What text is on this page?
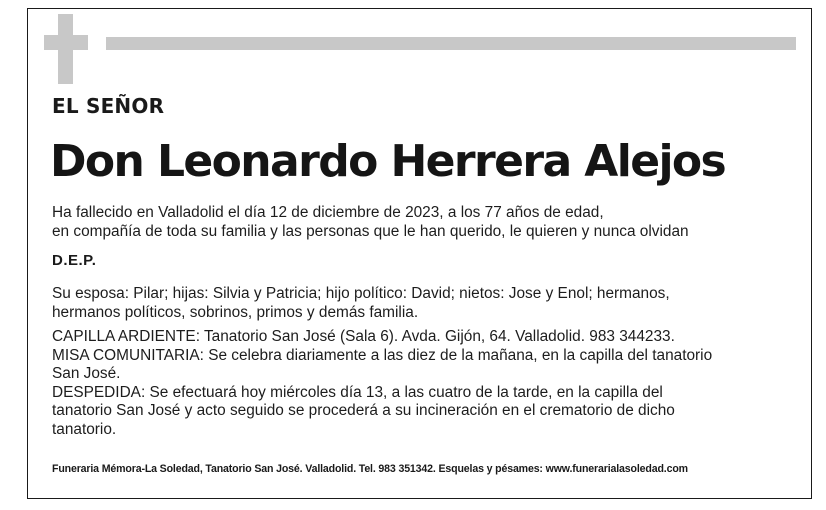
EL SEÑOR
Don Leonardo Herrera Alejos
Ha fallecido en Valladolid el día 12 de diciembre de 2023, a los 77 años de edad,
en compañía de toda su familia y las personas que le han querido, le quieren y nunca olvidan
D.E.P.
Su esposa: Pilar; hijas: Silvia y Patricia; hijo político: David; nietos: Jose y Enol; hermanos,
hermanos políticos, sobrinos, primos y demás familia.
CAPILLA ARDIENTE: Tanatorio San José (Sala 6). Avda. Gijón, 64. Valladolid. 983 344233.
MISA COMUNITARIA: Se celebra diariamente a las diez de la mañana, en la capilla del tanatorio
San José.
DESPEDIDA: Se efectuará hoy miércoles día 13, a las cuatro de la tarde, en la capilla del
tanatorio San José y acto seguido se procederá a su incineración en el crematorio de dicho
tanatorio.
Funeraria Mémora-La Soledad, Tanatorio San José. Valladolid. Tel. 983 351342. Esquelas y pésames: www.funerarialasoledad.com
